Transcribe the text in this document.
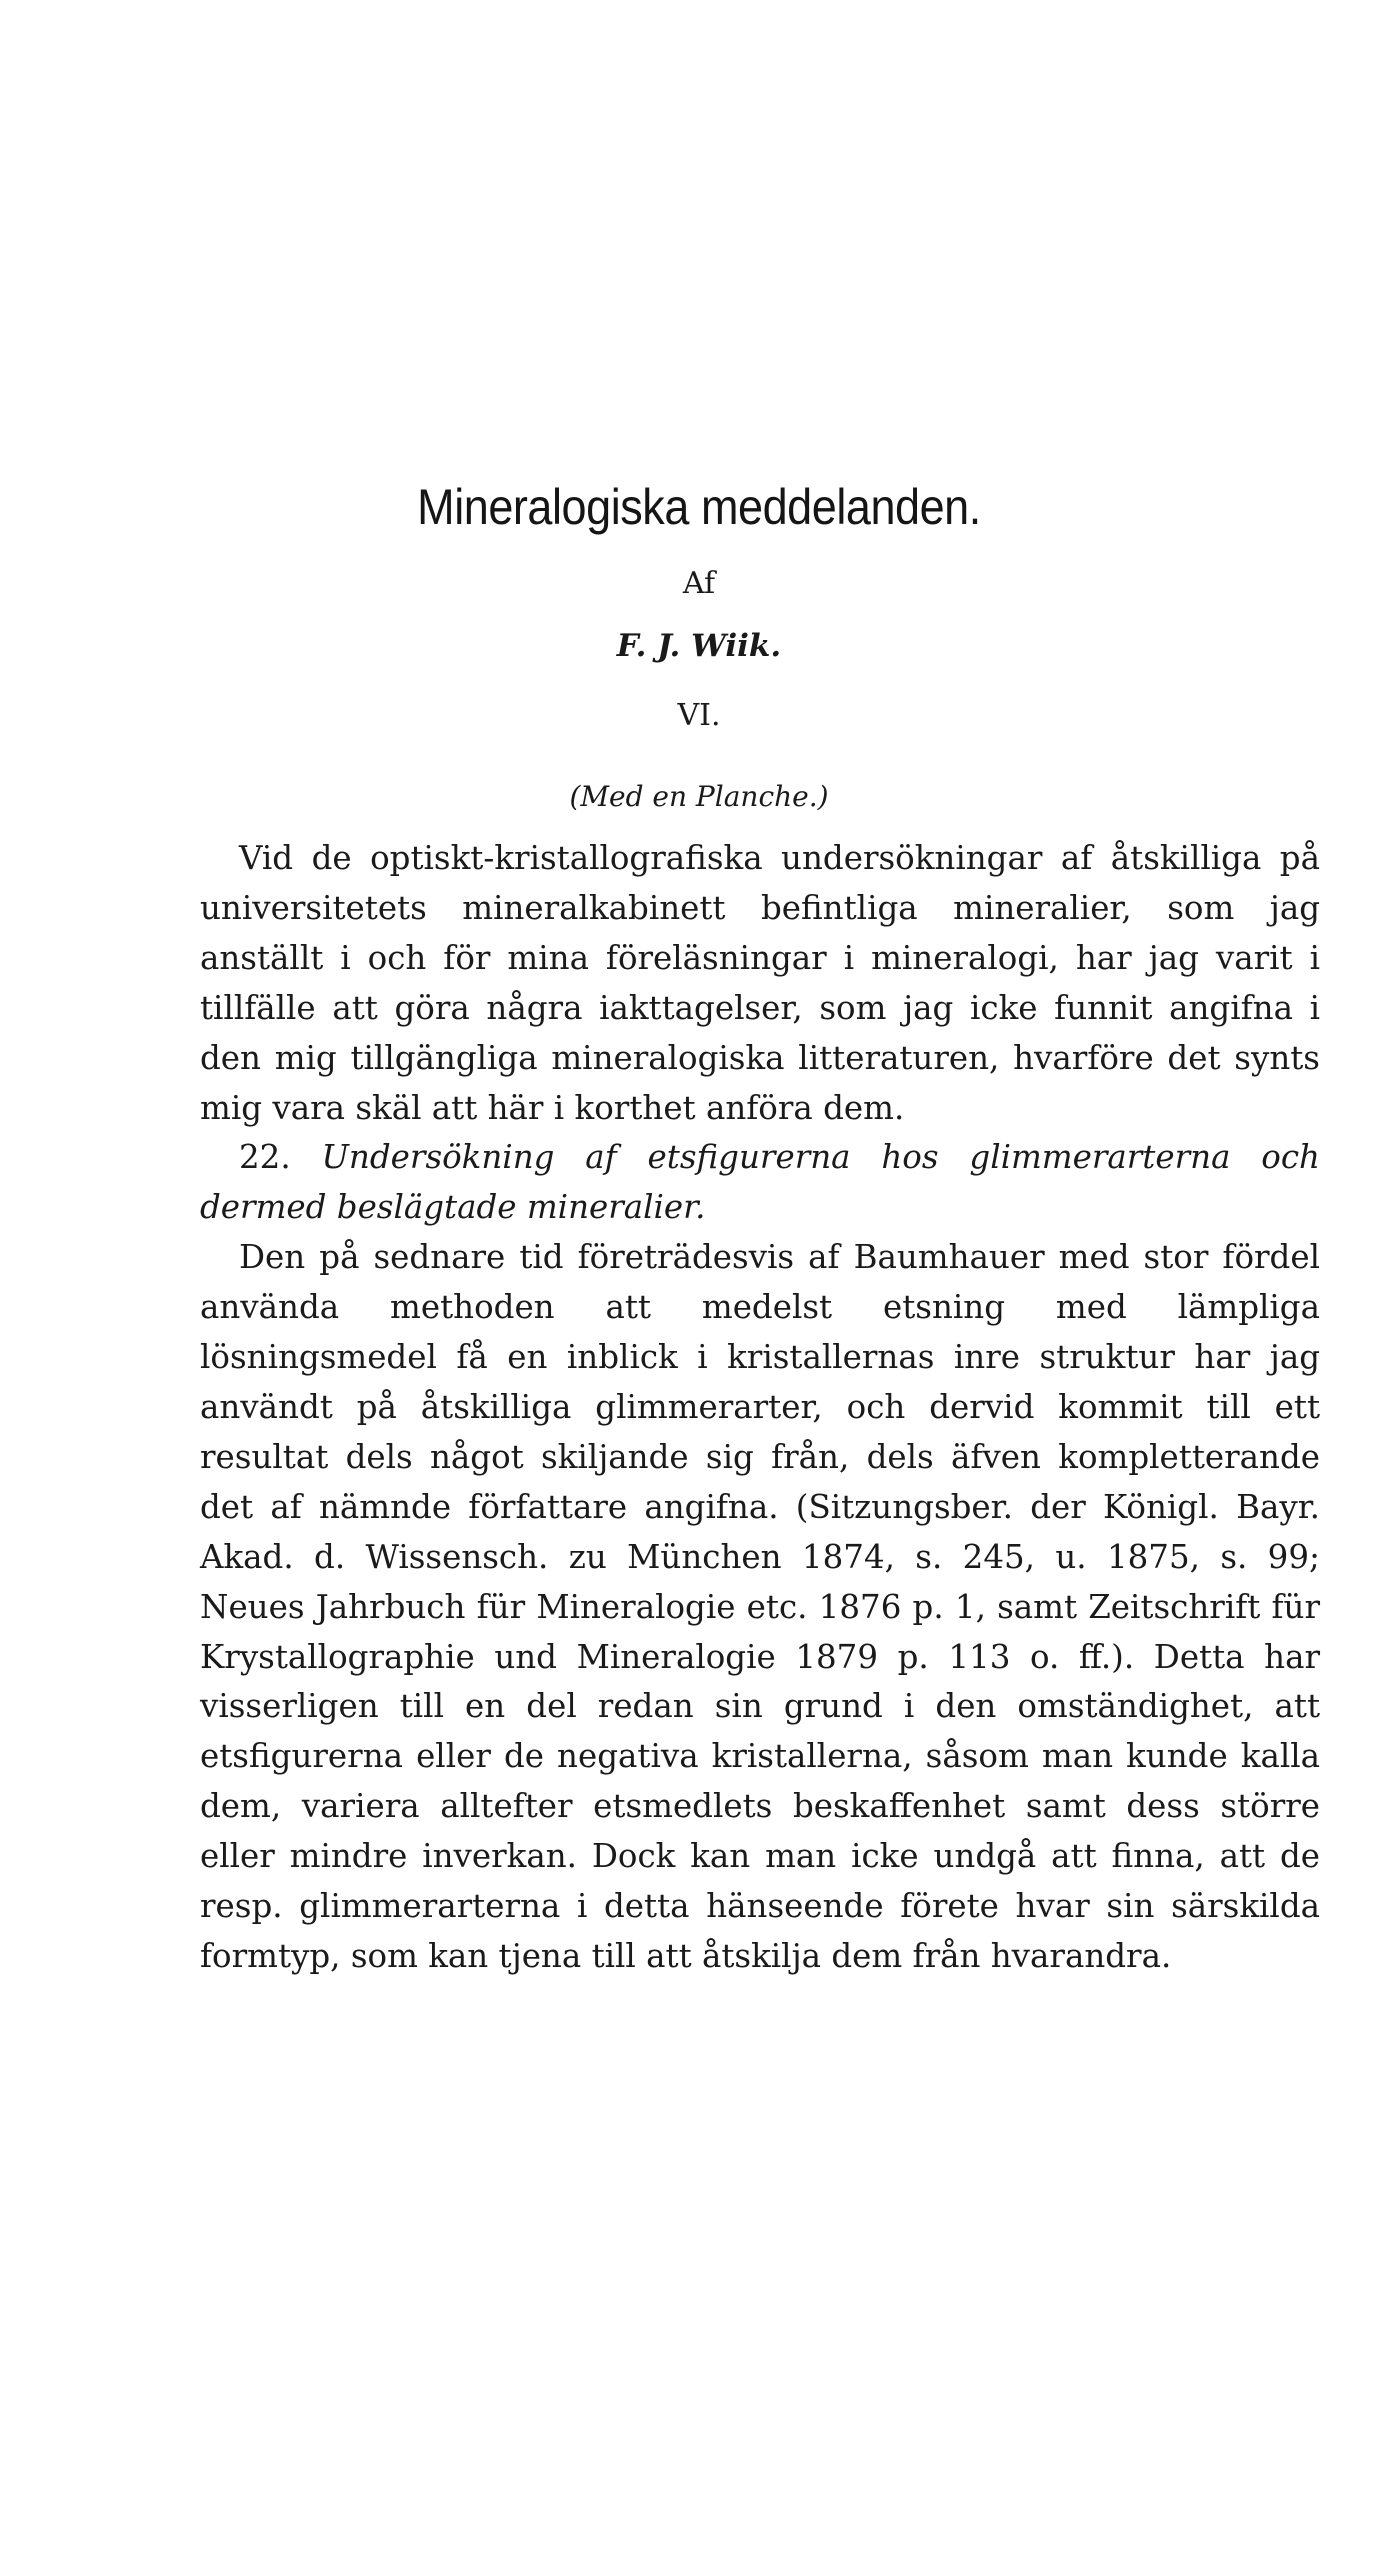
Mineralogiska meddelanden.
Af
F. J. Wiik.
VI.
(Med en Planche.)

Vid de optiskt-kristallografiska undersökningar af åtskilliga på universitetets mineralkabinett befintliga mineralier, som jag anställt i och för mina föreläsningar i mineralogi, har jag varit i tillfälle att göra några iakttagelser, som jag icke funnit angifna i den mig tillgängliga mineralogiska litteraturen, hvarföre det synts mig vara skäl att här i korthet anföra dem.

22. Undersökning af etsfigurerna hos glimmerarterna och dermed beslägtade mineralier.

Den på sednare tid företrädesvis af Baumhauer med stor fördel använda methoden att medelst etsning med lämpliga lösningsmedel få en inblick i kristallernas inre struktur har jag användt på åtskilliga glimmerarter, och dervid kommit till ett resultat dels något skiljande sig från, dels äfven kompletterande det af nämnde författare angifna. (Sitzungsber. der Königl. Bayr. Akad. d. Wissensch. zu München 1874, s. 245, u. 1875, s. 99; Neues Jahrbuch für Mineralogie etc. 1876 p. 1, samt Zeitschrift für Krystallographie und Mineralogie 1879 p. 113 o. ff.). Detta har visserligen till en del redan sin grund i den omständighet, att etsfigurerna eller de negativa kristallerna, såsom man kunde kalla dem, variera alltefter etsmedlets beskaffenhet samt dess större eller mindre inverkan. Dock kan man icke undgå att finna, att de resp. glimmerarterna i detta hänseende förete hvar sin särskilda formtyp, som kan tjena till att åtskilja dem från hvarandra.
